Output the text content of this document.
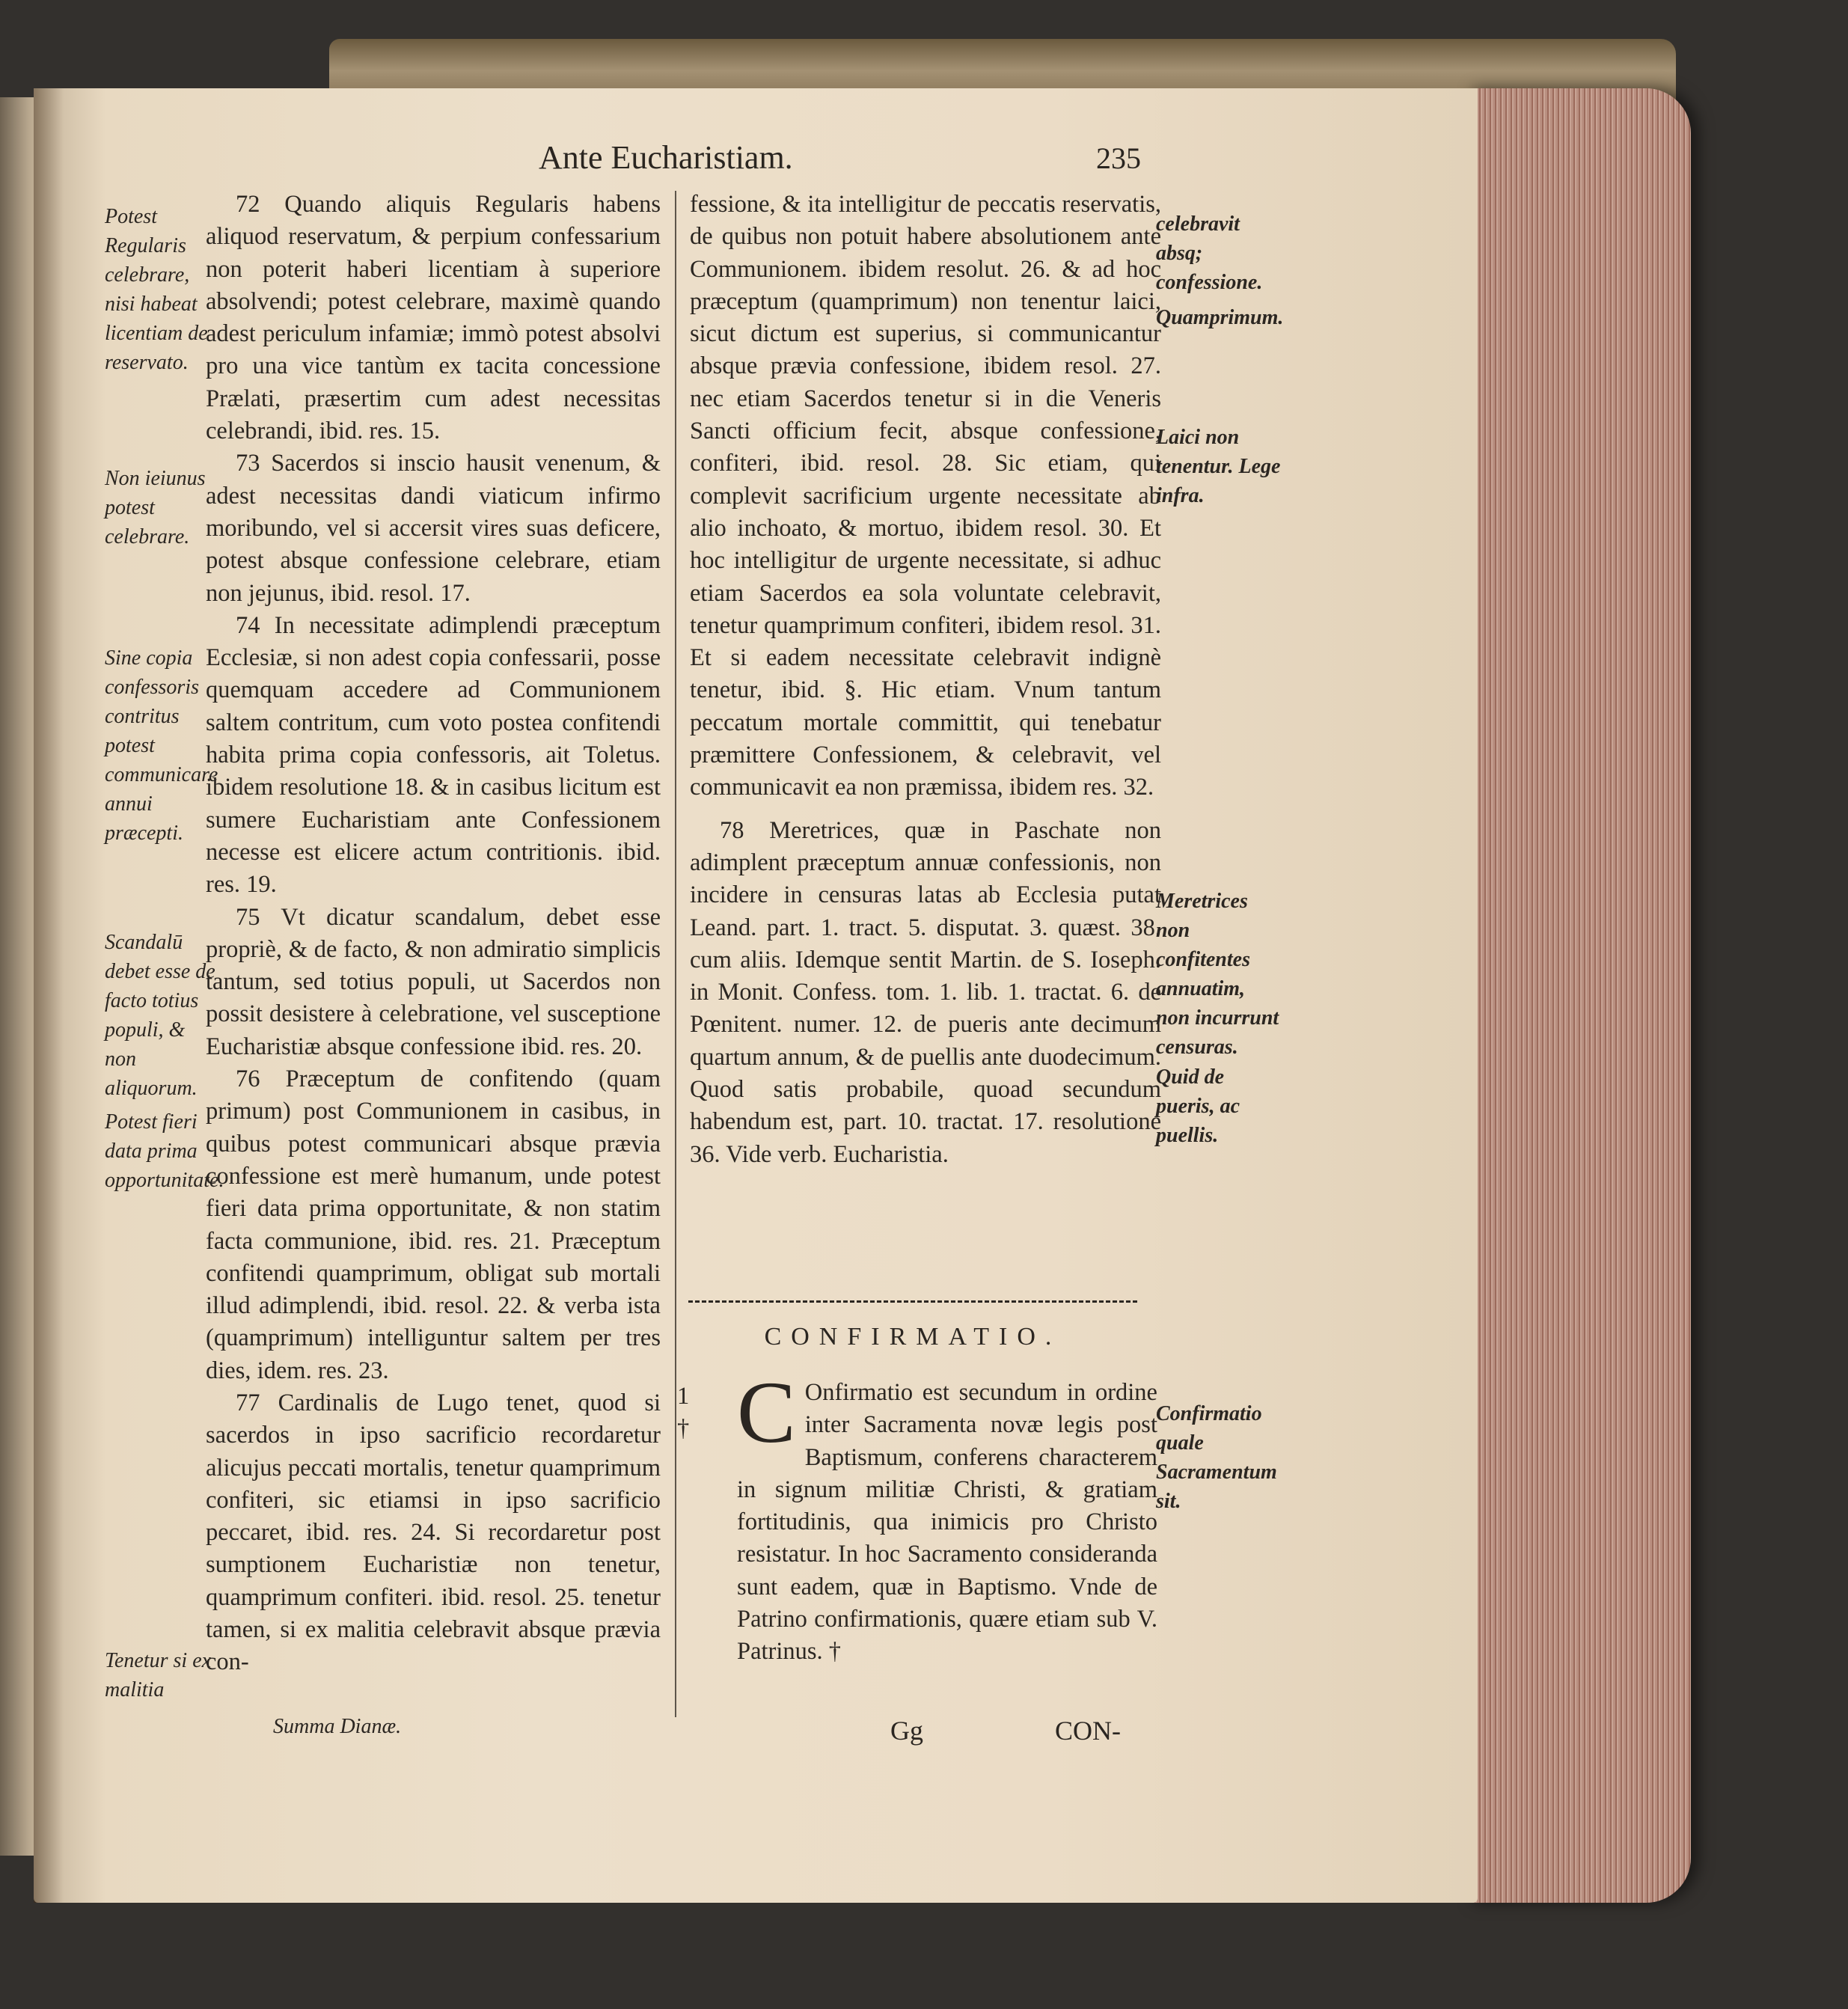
Ante Eucharistiam.	235

72 Quando aliquis Regularis habens aliquod reservatum, & perpium confessarium non poterit haberi licentiam à superiore absolvendi; potest celebrare, maximè quando adest periculum infamiæ; immò potest absolvi pro una vice tantùm ex tacita concessione Prælati, præsertim cum adest necessitas celebrandi, ibid. res. 15.

73 Sacerdos si inscio hausit venenum, & adest necessitas dandi viaticum infirmo moribundo, vel si accersit vires suas deficere, potest absque confessione celebrare, etiam non jejunus, ibid. resol. 17.

74 In necessitate adimplendi præceptum Ecclesiæ, si non adest copia confessarii, posse quemquam accedere ad Communionem saltem contritum, cum voto postea confitendi habita prima copia confessoris, ait Toletus. ibidem resolutione 18. & in casibus licitum est sumere Eucharistiam ante Confessionem necesse est elicere actum contritionis. ibid. res. 19.

75 Vt dicatur scandalum, debet esse propriè, & de facto, & non admiratio simplicis tantum, sed totius populi, ut Sacerdos non possit desistere à celebratione, vel susceptione Eucharistiæ absque confessione ibid. res. 20.

76 Præceptum de confitendo (quam primum) post Communionem in casibus, in quibus potest communicari absque prævia confessione est merè humanum, unde potest fieri data prima opportunitate, & non statim facta communione, ibid. res. 21. Præceptum confitendi quamprimum, obligat sub mortali illud adimplendi, ibid. resol. 22. & verba ista (quamprimum) intelliguntur saltem per tres dies, idem. res. 23.

77 Cardinalis de Lugo tenet, quod si sacerdos in ipso sacrificio recordaretur alicujus peccati mortalis, tenetur quamprimum confiteri, sic etiamsi in ipso sacrificio peccaret, ibid. res. 24. Si recordaretur post sumptionem Eucharistiæ non tenetur, quamprimum confiteri. ibid. resol. 25. tenetur tamen, si ex malitia celebravit absque prævia con-

fessione, & ita intelligitur de peccatis reservatis, de quibus non potuit habere absolutionem ante Communionem. ibidem resolut. 26. & ad hoc præceptum (quamprimum) non tenentur laici, sicut dictum est superius, si communicantur absque prævia confessione, ibidem resol. 27. nec etiam Sacerdos tenetur si in die Veneris Sancti officium fecit, absque confessione, confiteri, ibid. resol. 28. Sic etiam, qui complevit sacrificium urgente necessitate ab alio inchoato, & mortuo, ibidem resol. 30. Et hoc intelligitur de urgente necessitate, si adhuc etiam Sacerdos ea sola voluntate celebravit, tenetur quamprimum confiteri, ibidem resol. 31. Et si eadem necessitate celebravit indignè tenetur, ibid. §. Hic etiam. Vnum tantum peccatum mortale committit, qui tenebatur præmittere Confessionem, & celebravit, vel communicavit ea non præmissa, ibidem res. 32.

78 Meretrices, quæ in Paschate non adimplent præceptum annuæ confessionis, non incidere in censuras latas ab Ecclesia putat Leand. part. 1. tract. 5. disputat. 3. quæst. 38. cum aliis. Idemque sentit Martin. de S. Ioseph. in Monit. Confess. tom. 1. lib. 1. tractat. 6. de Pœnitent. numer. 12. de pueris ante decimum quartum annum, & de puellis ante duodecimum. Quod satis probabile, quoad secundum habendum est, part. 10. tractat. 17. resolutione 36. Vide verb. Eucharistia.

CONFIRMATIO.
1 † C Onfirmatio est secundum in ordine inter Sacramenta novæ legis post Baptismum, conferens characterem in signum militiæ Christi, & gratiam fortitudinis, qua inimicis pro Christo resistatur. In hoc Sacramento consideranda sunt eadem, quæ in Baptismo. Vnde de Patrino confirmationis, quære etiam sub V. Patrinus. †
Potest Regularis celebrare, nisi habeat licentiam de reservato.
Non ieiunus potest celebrare.
Sine copia confessoris contritus potest communicare annui præcepti.
Scandalū debet esse de facto totius populi, & non aliquorum.
Potest fieri data prima opportunitate.
Tenetur si ex malitia
celebravit absq; confessione.
Quamprimum.
Laici non tenentur. Lege infra.
Meretrices non confitentes annuatim, non incurrunt censuras.
Quid de pueris, ac puellis.
Confirmatio quale Sacramentum sit.
Summa Dianæ.	Gg	CON-
